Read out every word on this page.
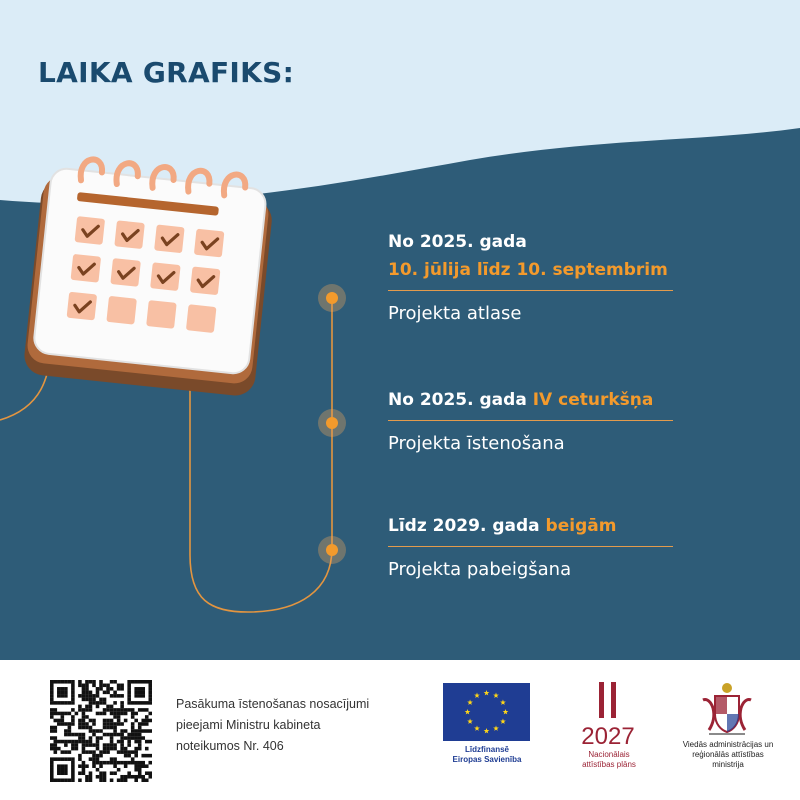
LAIKA GRAFIKS:
No 2025. gada
10. jūlija līdz 10. septembrim
Projekta atlase
No 2025. gada IV ceturkšņa
Projekta īstenošana
Līdz 2029. gada beigām
Projekta pabeigšana
Pasākuma īstenošanas nosacījumi
pieejami Ministru kabineta
noteikumos Nr. 406	Līdzfinansē
Eiropas Savienība
2027
Nacionālais
attīstības plāns
Viedās administrācijas un
reģionālās attīstības
ministrija
